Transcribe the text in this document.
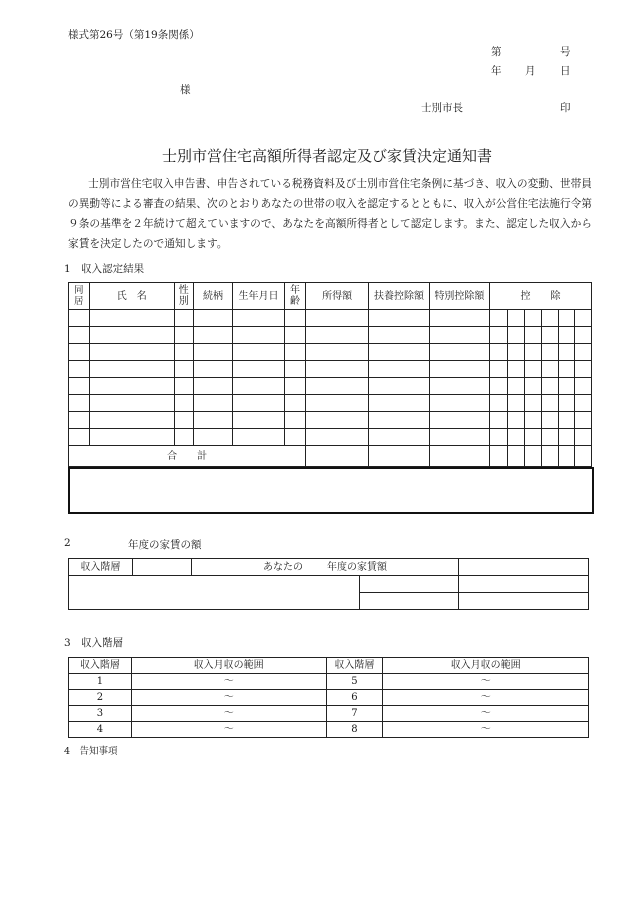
様式第26号（第19条関係）
第	号
年 月 日
様
士別市長	印
士別市営住宅高額所得者認定及び家賃決定通知書
士別市営住宅収入申告書、申告されている税務資料及び士別市営住宅条例に基づき、収入の変動、世帯員の異動等による審査の結果、次のとおりあなたの世帯の収入を認定するとともに、収入が公営住宅法施行令第９条の基準を２年続けて超えていますので、あなたを高額所得者として認定します。また、認定した収入から家賃を決定したので通知します。
1　収入認定結果
同居	氏　名	性別	続柄	生年月日	年齢	所得額	扶養控除額	特別控除額	控　　除					

合　　計														
2	年度の家賃の額
収入階層		あなたの 年度の家賃額		

3　収入階層
収入階層	収入月収の範囲	収入階層	収入月収の範囲
1	～	5	～
2	～	6	～
3	～	7	～
4	～	8	～
4　告知事項
